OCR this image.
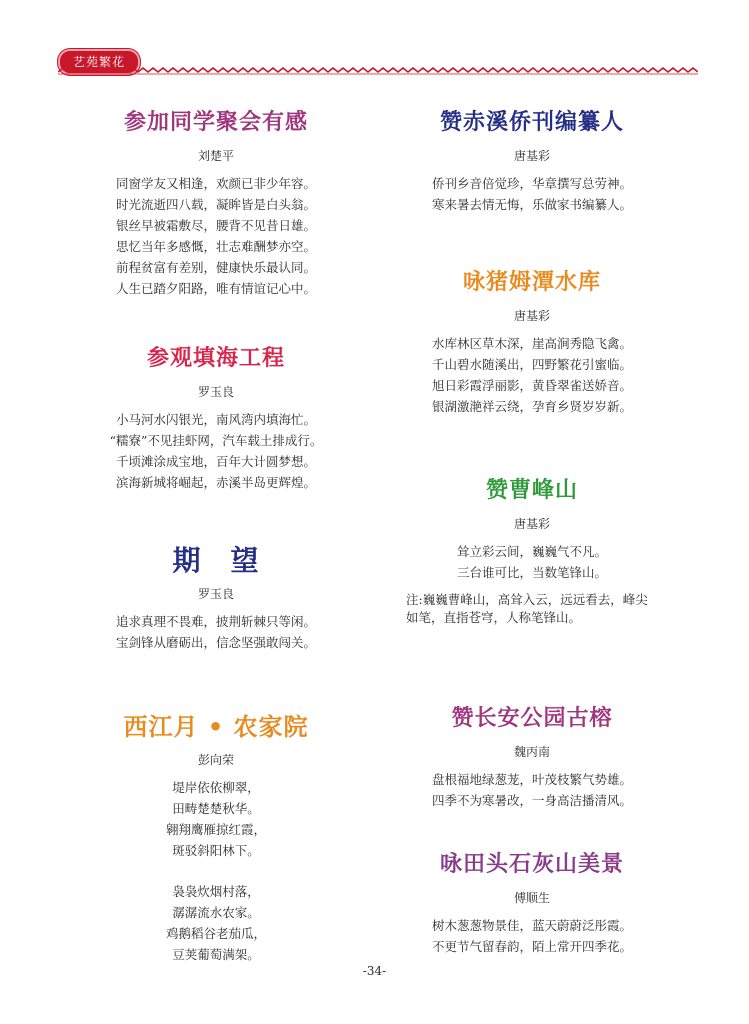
艺苑繁花
参加同学聚会有感
刘楚平
同窗学友又相逢，欢颜已非少年容。
时光流逝四八载，凝眸皆是白头翁。
银丝早被霜敷尽，腰背不见昔日雄。
思忆当年多感慨，壮志难酬梦亦空。
前程贫富有差别，健康快乐最认同。
人生已踏夕阳路，唯有情谊记心中。
参观填海工程
罗玉良
小马河水闪银光，南风湾内填海忙。
“糯寮”不见挂虾网，汽车载土排成行。
千顷滩涂成宝地，百年大计圆梦想。
滨海新城将崛起，赤溪半岛更辉煌。
期　望
罗玉良
追求真理不畏难，披荆斩棘只等闲。
宝剑锋从磨砺出，信念坚强敢闯关。
西江月 • 农家院
彭向荣
堤岸依依柳翠，
田畴楚楚秋华。
翱翔鹰雁掠红霞，
斑驳斜阳林下。
袅袅炊烟村落，
潺潺流水农家。
鸡鹅稻谷老茄瓜，
豆荚葡萄满架。
赞赤溪侨刊编纂人
唐基彩
侨刊乡音倍觉珍，华章撰写总劳神。
寒来暑去情无悔，乐做家书编纂人。
咏猪姆潭水库
唐基彩
水库林区草木深，崖高涧秀隐飞禽。
千山碧水随溪出，四野繁花引蜜临。
旭日彩霞浮丽影，黄昏翠雀送娇音。
银湖激滟祥云绕，孕育乡贤岁岁新。
赞曹峰山
唐基彩
耸立彩云间，巍巍气不凡。
三台谁可比，当数笔锋山。
注:巍巍曹峰山，高耸入云，远远看去，峰尖如笔，直指苍穹，人称笔锋山。
赞长安公园古榕
魏丙南
盘根福地绿葱茏，叶茂枝繁气势雄。
四季不为寒暑改，一身高洁播清风。
咏田头石灰山美景
傅顺生
树木葱葱物景佳，蓝天蔚蔚泛彤霞。
不更节气留春韵，陌上常开四季花。
-34-
